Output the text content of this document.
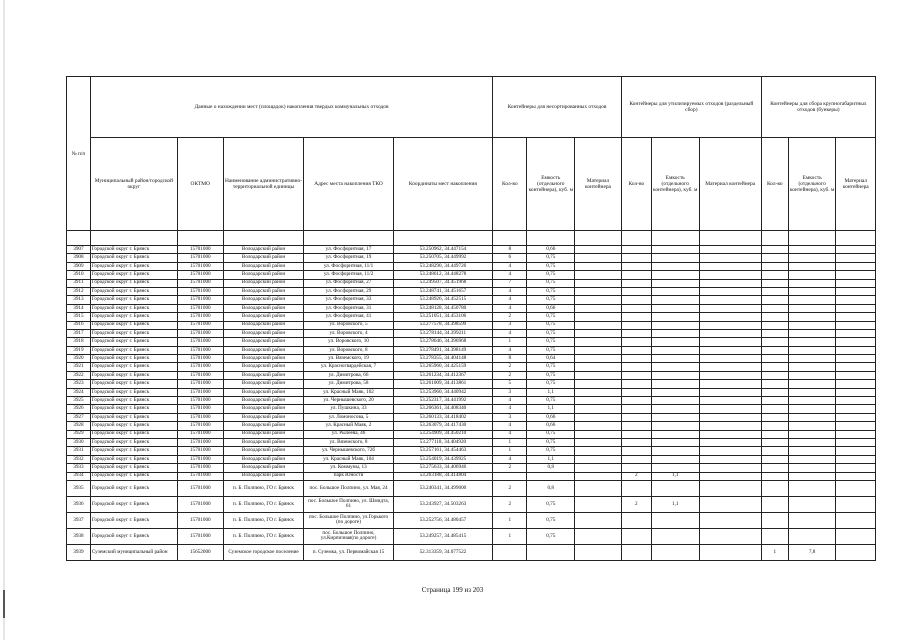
№ п/п	Данные о нахождении мест (площадок) накопления твердых коммунальных отходов					Контейнеры для несортированных отходов			Контейнеры для утилизируемых отходов (раздельный сбор)			Контейнеры для сбора крупногабаритных отходов (бункеры)		
	Муниципальный район/городской округ	ОКТМО	Наименование административно-территориальной единицы	Адрес места накопления ТКО	Координаты мест накопления	Кол-во	Емкость (отдельного контейнера), куб. м	Материал контейнера	Кол-во	Емкость (отдельного контейнера), куб. м	Материал контейнера	Кол-во	Емкость (отдельного контейнера), куб. м	Материал контейнера

3907	Городской округ г. Брянск	15701000	Володарский район	ул. Фосфоритная, 17	53.250962, 34.447154	8	0,66							
3908	Городской округ г. Брянск	15701000	Володарский район	ул. Фосфоритная, 19	53.250705, 34.449992	6	0,75							
3909	Городской округ г. Брянск	15701000	Володарский район	ул. Фосфоритная, 11/1	53.248290, 34.449726	4	0,75							
3910	Городской округ г. Брянск	15701000	Володарский район	ул. Фосфоритная, 11/2	53.248612, 34.448278	4	0,75							
3911	Городской округ г. Брянск	15701000	Володарский район	ул. Фосфоритная, 27	53.249507, 34.451968	7	0,75							
3912	Городской округ г. Брянск	15701000	Володарский район	ул. Фосфоритная, 29	53.248741, 34.451657	4	0,75							
3913	Городской округ г. Брянск	15701000	Володарский район	ул. Фосфоритная, 33	53.248926, 34.452515	4	0,75							
3914	Городской округ г. Брянск	15701000	Володарский район	ул. Фосфоритная, 31	53.248128, 34.450780	4	0,66							
3915	Городской округ г. Брянск	15701000	Володарский район	ул. Фосфоритная, 41	53.251051, 34.453106	2	0,75							
3916	Городской округ г. Брянск	15701000	Володарский район	ул. Воровского, 5	53.277578, 34.398599	3	0,75							
3917	Городской округ г. Брянск	15701000	Володарский район	ул. Воровского, 4	53.278144, 34.399211	4	0,75							
3918	Городской округ г. Брянск	15701000	Володарский район	ул. Воровского, 10	53.278646, 34.396968	1	0,75							
3919	Городской округ г. Брянск	15701000	Володарский район	ул. Воровского, 8	53.278491, 34.398149	4	0,75							
3920	Городской округ г. Брянск	15701000	Володарский район	ул. Вяземского, 19	53.278355, 34.404148	8	0,64							
3921	Городской округ г. Брянск	15701000	Володарский район	ул. Красногвардейская, 7	53.265960, 34.425159	2	0,75							
3922	Городской округ г. Брянск	15701000	Володарский район	ул. Димитрова, 66	53.261234, 34.412367	2	0,75							
3923	Городской округ г. Брянск	15701000	Володарский район	ул. Димитрова, 58	53.261009, 34.413861	5	0,75							
3924	Городской округ г. Брянск	15701000	Володарский район	ул. Красный Маяк, 102	53.253960, 34.440942	3	1,1							
3925	Городской округ г. Брянск	15701000	Володарский район	ул. Чернышевского, 20	53.252317, 34.441992	4	0,75							
3926	Городской округ г. Брянск	15701000	Володарский район	ул. Пушкина, 33	53.266361, 34.408340	4	1,1							
3927	Городской округ г. Брянск	15701000	Володарский район	ул. Ломоносова, 5	53.260133, 34.418402	3	0,66							
3928	Городской округ г. Брянск	15701000	Володарский район	ул. Красный Маяк, 2	53.263079, 34.417430	4	0,66							
3929	Городской округ г. Брянск	15701000	Володарский район	ул. Рылеева, 46	53.254909, 34.450210	4	0,75							
3930	Городской округ г. Брянск	15701000	Володарский район	ул. Вяземского, 8	53.277118, 34.404920	1	0,75							
3931	Городской округ г. Брянск	15701000	Володарский район	ул. Чернышевского, 72б	53.257161, 34.454463	1	0,75							
3932	Городской округ г. Брянск	15701000	Володарский район	ул. Красный Маяк, 104	53.254019, 34.439925	4	1,1							
3933	Городской округ г. Брянск	15701000	Володарский район	ул. Коммуны, 13	53.275633, 34.406946	2	0,8							
3934	Городской округ г. Брянск	15701000	Володарский район	парк Юности	53.263188, 34.414804				2	1,1				
3935	Городской округ г. Брянск	15701000	п. Б. Полпино, ГО г. Брянск	пос. Большое Полпино, ул. Мая, 24	53.240341, 34.499000	2	0,8							
3936	Городской округ г. Брянск	15701000	п. Б. Полпино, ГО г. Брянск	пос. Большое Полпино, ул. Шмидта, 61	53.243927, 34.503263	2	0,75		2	1,1				
3937	Городской округ г. Брянск	15701000	п. Б. Полпино, ГО г. Брянск	пос. Большое Полпино, ул.Горького (по дороге)	53.252756, 34.480457	1	0,75							
3938	Городской округ г. Брянск	15701000	п. Б. Полпино, ГО г. Брянск	пос. Большое Полпино, ул.Кирпичная(по дороге)	53.249257, 34.485415	1	0,75							
3939	Суземский муниципальный район	15652000	Суземское городское поселение	п. Суземка, ул. Первомайская 15	52.313359, 34.077522							1	7,8	
Страница 199 из 203
